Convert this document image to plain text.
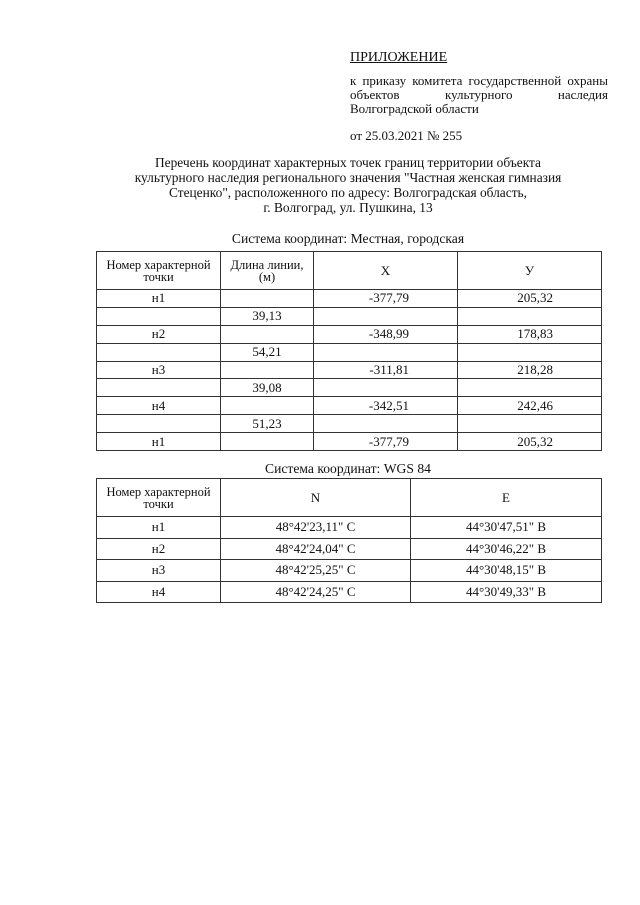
ПРИЛОЖЕНИЕ
к приказу комитета государственной охраны объектов культурного наследия Волгоградской области
от 25.03.2021 № 255
Перечень координат характерных точек границ территории объекта
культурного наследия регионального значения "Частная женская гимназия
Стеценко", расположенного по адресу: Волгоградская область,
г. Волгоград, ул. Пушкина, 13
Система координат: Местная, городская
Номер характерной точки	Длина линии, (м)	X	У
н1		-377,79	205,32
	39,13		
н2		-348,99	178,83
	54,21		
н3		-311,81	218,28
	39,08		
н4		-342,51	242,46
	51,23		
н1		-377,79	205,32
Система координат: WGS 84
Номер характерной точки	N	E
н1	48°42'23,11" С	44°30'47,51" В
н2	48°42'24,04" С	44°30'46,22" В
н3	48°42'25,25" С	44°30'48,15" В
н4	48°42'24,25" С	44°30'49,33" В
